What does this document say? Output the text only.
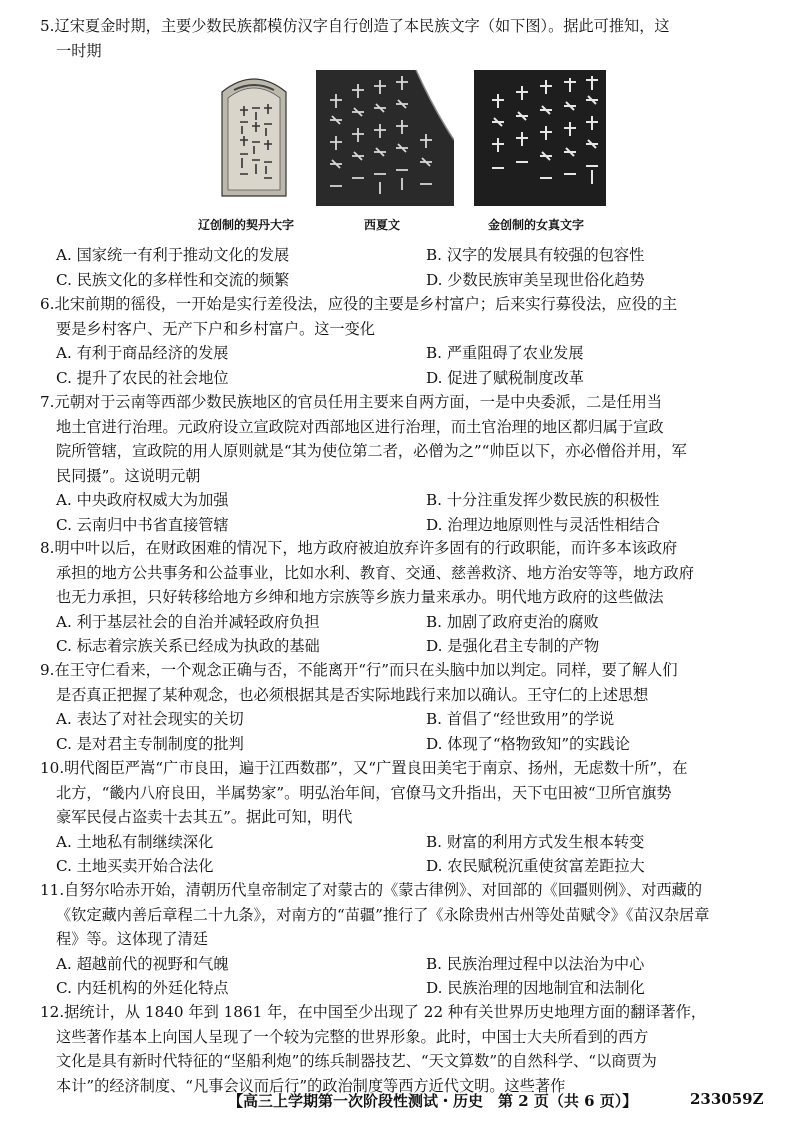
5.辽宋夏金时期，主要少数民族都模仿汉字自行创造了本民族文字（如下图）。据此可推知，这

一时期

辽创制的契丹大字	西夏文	金创制的女真文字
A. 国家统一有利于推动文化的发展	B. 汉字的发展具有较强的包容性
C. 民族文化的多样性和交流的频繁	D. 少数民族审美呈现世俗化趋势

6.北宋前期的徭役，一开始是实行差役法，应役的主要是乡村富户；后来实行募役法，应役的主

要是乡村客户、无产下户和乡村富户。这一变化

A. 有利于商品经济的发展	B. 严重阻碍了农业发展
C. 提升了农民的社会地位	D. 促进了赋税制度改革

7.元朝对于云南等西部少数民族地区的官员任用主要来自两方面，一是中央委派，二是任用当

地土官进行治理。元政府设立宣政院对西部地区进行治理，而土官治理的地区都归属于宣政

院所管辖，宣政院的用人原则就是“其为使位第二者，必僧为之”“帅臣以下，亦必僧俗并用，军

民同摄”。这说明元朝

A. 中央政府权威大为加强	B. 十分注重发挥少数民族的积极性
C. 云南归中书省直接管辖	D. 治理边地原则性与灵活性相结合

8.明中叶以后，在财政困难的情况下，地方政府被迫放弃许多固有的行政职能，而许多本该政府

承担的地方公共事务和公益事业，比如水利、教育、交通、慈善救济、地方治安等等，地方政府

也无力承担，只好转移给地方乡绅和地方宗族等乡族力量来承办。明代地方政府的这些做法

A. 利于基层社会的自治并减轻政府负担	B. 加剧了政府吏治的腐败
C. 标志着宗族关系已经成为执政的基础	D. 是强化君主专制的产物

9.在王守仁看来，一个观念正确与否，不能离开“行”而只在头脑中加以判定。同样，要了解人们

是否真正把握了某种观念，也必须根据其是否实际地践行来加以确认。王守仁的上述思想

A. 表达了对社会现实的关切	B. 首倡了“经世致用”的学说
C. 是对君主专制制度的批判	D. 体现了“格物致知”的实践论

10.明代阁臣严嵩“广市良田，遍于江西数郡”，又“广置良田美宅于南京、扬州，无虑数十所”，在

北方，“畿内八府良田，半属势家”。明弘治年间，官僚马文升指出，天下屯田被“卫所官旗势

豪军民侵占盗卖十去其五”。据此可知，明代

A. 土地私有制继续深化	B. 财富的利用方式发生根本转变
C. 土地买卖开始合法化	D. 农民赋税沉重使贫富差距拉大

11.自努尔哈赤开始，清朝历代皇帝制定了对蒙古的《蒙古律例》、对回部的《回疆则例》、对西藏的

《钦定藏内善后章程二十九条》，对南方的“苗疆”推行了《永除贵州古州等处苗赋令》《苗汉杂居章

程》等。这体现了清廷

A. 超越前代的视野和气魄	B. 民族治理过程中以法治为中心
C. 内廷机构的外廷化特点	D. 民族治理的因地制宜和法制化

12.据统计，从 1840 年到 1861 年，在中国至少出现了 22 种有关世界历史地理方面的翻译著作，

这些著作基本上向国人呈现了一个较为完整的世界形象。此时，中国士大夫所看到的西方

文化是具有新时代特征的“坚船利炮”的练兵制器技艺、“天文算数”的自然科学、“以商贾为

本计”的经济制度、“凡事会议而后行”的政治制度等西方近代文明。这些著作

【高三上学期第一次阶段性测试・历史　第 2 页（共 6 页）】	233059Z
